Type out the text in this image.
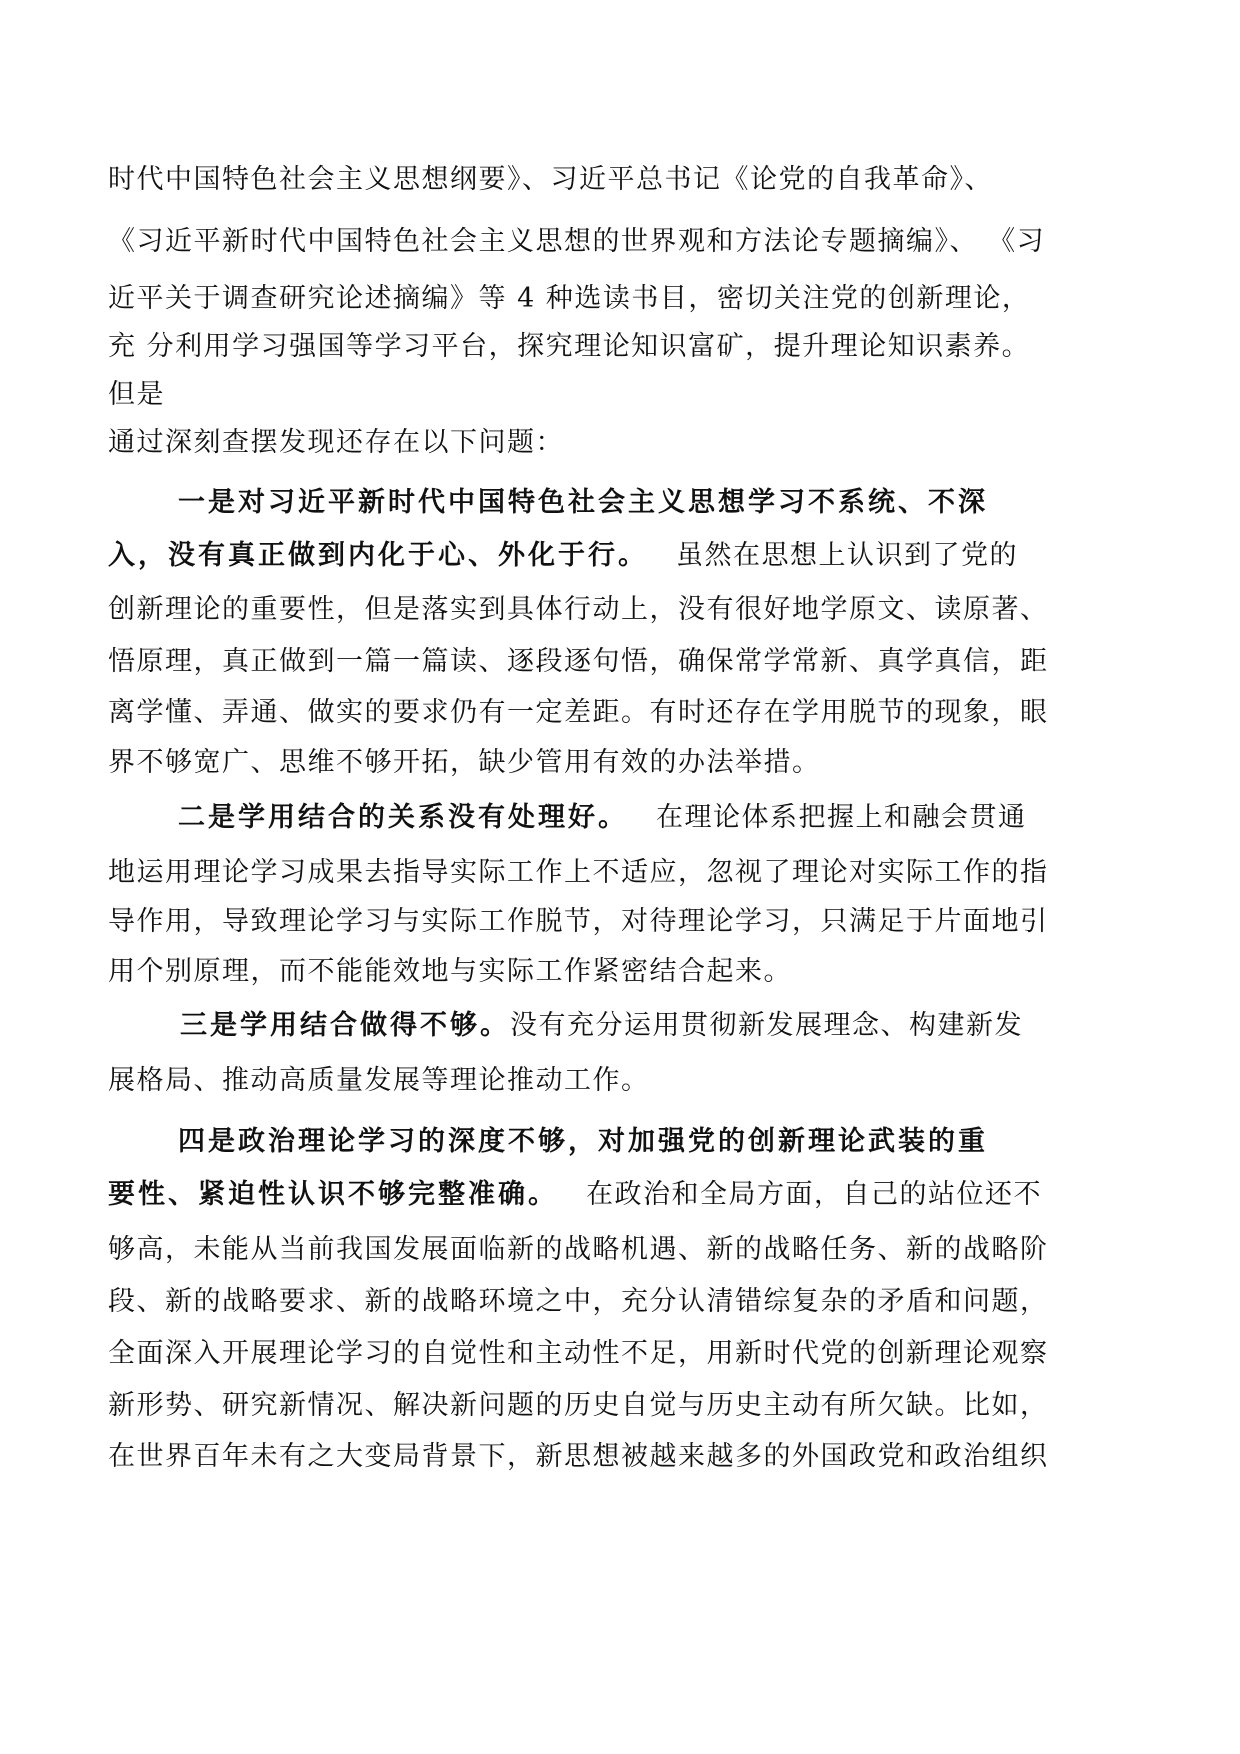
时代中国特色社会主义思想纲要》、习近平总书记《论党的自我革命》、
《习近平新时代中国特色社会主义思想的世界观和方法论专题摘编》、 《习
近平关于调查研究论述摘编》等 4 种选读书目，密切关注党的创新理论，
充 分利用学习强国等学习平台，探究理论知识富矿，提升理论知识素养。
但是
通过深刻查摆发现还存在以下问题：
一是对习近平新时代中国特色社会主义思想学习不系统、不深
入，没有真正做到内化于心、外化于行。 虽然在思想上认识到了党的
创新理论的重要性，但是落实到具体行动上，没有很好地学原文、读原著、
悟原理，真正做到一篇一篇读、逐段逐句悟，确保常学常新、真学真信，距
离学懂、弄通、做实的要求仍有一定差距。有时还存在学用脱节的现象，眼
界不够宽广、思维不够开拓，缺少管用有效的办法举措。
二是学用结合的关系没有处理好。 在理论体系把握上和融会贯通
地运用理论学习成果去指导实际工作上不适应，忽视了理论对实际工作的指
导作用，导致理论学习与实际工作脱节，对待理论学习，只满足于片面地引
用个别原理，而不能能效地与实际工作紧密结合起来。
三是学用结合做得不够。没有充分运用贯彻新发展理念、构建新发
展格局、推动高质量发展等理论推动工作。
四是政治理论学习的深度不够，对加强党的创新理论武装的重
要性、紧迫性认识不够完整准确。 在政治和全局方面，自己的站位还不
够高，未能从当前我国发展面临新的战略机遇、新的战略任务、新的战略阶
段、新的战略要求、新的战略环境之中，充分认清错综复杂的矛盾和问题，
全面深入开展理论学习的自觉性和主动性不足，用新时代党的创新理论观察
新形势、研究新情况、解决新问题的历史自觉与历史主动有所欠缺。比如，
在世界百年未有之大变局背景下，新思想被越来越多的外国政党和政治组织
